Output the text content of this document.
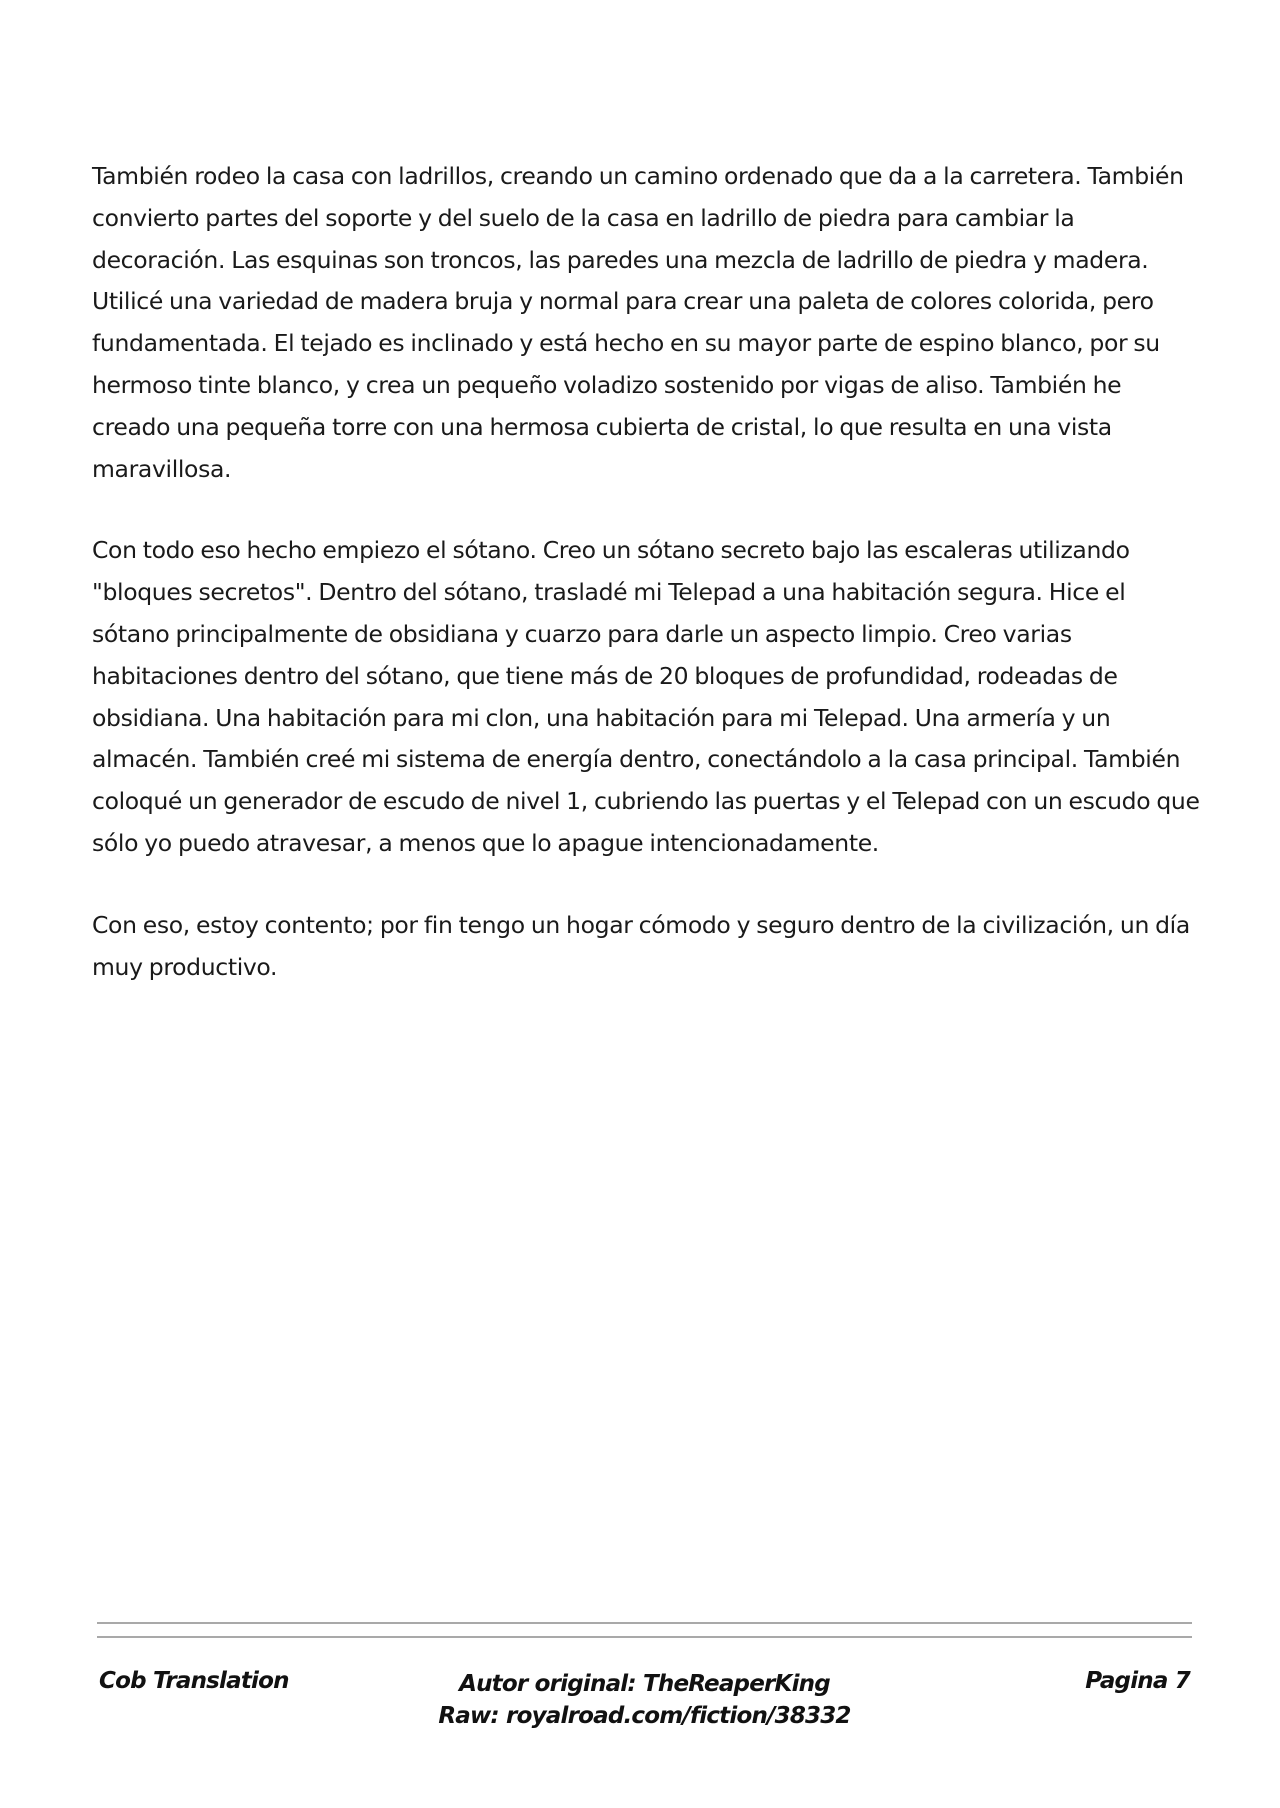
También rodeo la casa con ladrillos, creando un camino ordenado que da a la carretera. También convierto partes del soporte y del suelo de la casa en ladrillo de piedra para cambiar la decoración. Las esquinas son troncos, las paredes una mezcla de ladrillo de piedra y madera. Utilicé una variedad de madera bruja y normal para crear una paleta de colores colorida, pero fundamentada. El tejado es inclinado y está hecho en su mayor parte de espino blanco, por su hermoso tinte blanco, y crea un pequeño voladizo sostenido por vigas de aliso. También he creado una pequeña torre con una hermosa cubierta de cristal, lo que resulta en una vista maravillosa.

Con todo eso hecho empiezo el sótano. Creo un sótano secreto bajo las escaleras utilizando "bloques secretos". Dentro del sótano, trasladé mi Telepad a una habitación segura. Hice el sótano principalmente de obsidiana y cuarzo para darle un aspecto limpio. Creo varias habitaciones dentro del sótano, que tiene más de 20 bloques de profundidad, rodeadas de obsidiana. Una habitación para mi clon, una habitación para mi Telepad. Una armería y un almacén. También creé mi sistema de energía dentro, conectándolo a la casa principal. También coloqué un generador de escudo de nivel 1, cubriendo las puertas y el Telepad con un escudo que sólo yo puedo atravesar, a menos que lo apague intencionadamente.

Con eso, estoy contento; por fin tengo un hogar cómodo y seguro dentro de la civilización, un día muy productivo.

Cob Translation	Autor original: TheReaperKing
Raw: royalroad.com/fiction/38332
Pagina 7
